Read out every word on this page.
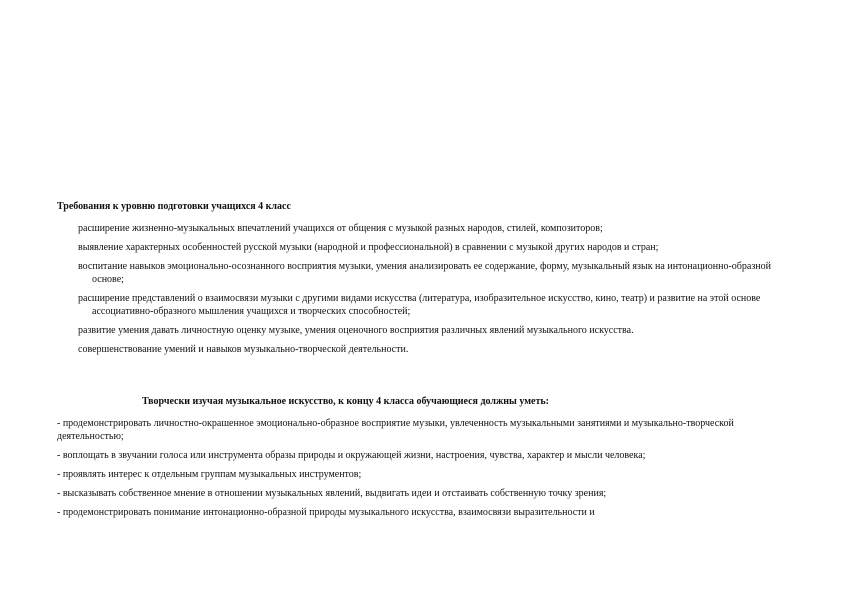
Требования к уровню подготовки учащихся 4 класс
расширение жизненно-музыкальных впечатлений учащихся от общения с музыкой разных народов, стилей, композиторов;
выявление характерных особенностей русской музыки (народной и профессиональной) в сравнении с музыкой других народов и стран;
воспитание навыков эмоционально-осознанного восприятия музыки, умения анализировать ее содержание, форму, музыкальный язык на интонационно-образной основе;
расширение представлений о взаимосвязи музыки с другими видами искусства (литература, изобразительное искусство, кино, театр) и развитие на этой основе ассоциативно-образного мышления учащихся и творческих способностей;
развитие умения давать личностную оценку музыке, умения оценочного восприятия различных явлений музыкального искусства.
совершенствование умений и навыков музыкально-творческой деятельности.
Творчески изучая музыкальное искусство, к концу 4 класса обучающиеся должны уметь:
- продемонстрировать личностно-окрашенное эмоционально-образное восприятие музыки, увлеченность музыкальными занятиями и музыкально-творческой деятельностью;
- воплощать в звучании голоса или инструмента образы природы и окружающей жизни, настроения, чувства, характер и мысли человека;
- проявлять интерес к отдельным группам музыкальных инструментов;
- высказывать собственное мнение в отношении музыкальных явлений, выдвигать идеи и отстаивать собственную точку зрения;
- продемонстрировать понимание интонационно-образной природы музыкального искусства, взаимосвязи выразительности и
